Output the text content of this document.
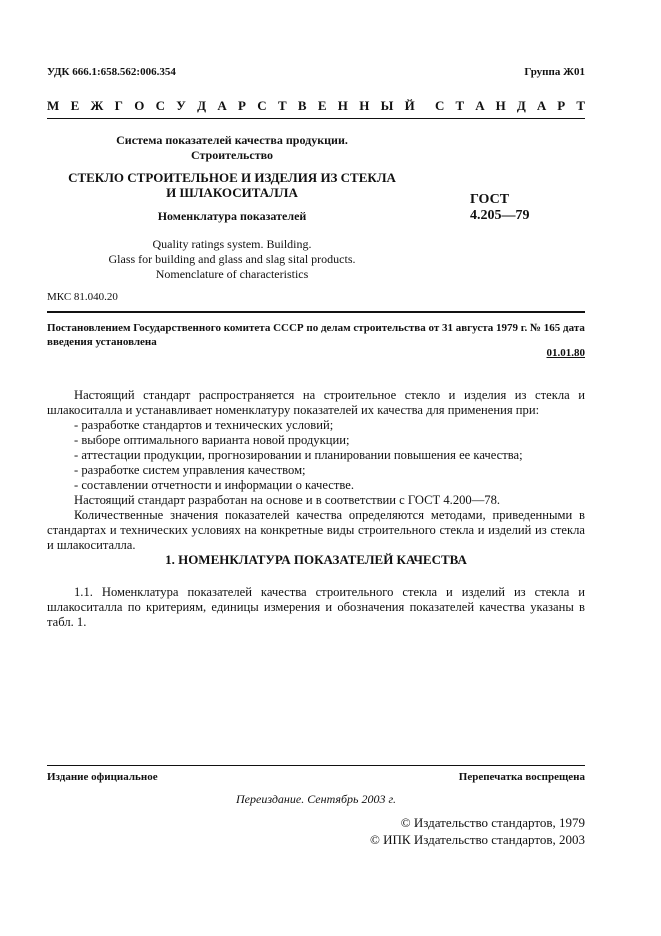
УДК 666.1:658.562:006.354	Группа Ж01
М Е Ж Г О С У Д А Р С Т В Е Н Н Ы Й С Т А Н Д А Р Т
Система показателей качества продукции.
Строительство
СТЕКЛО СТРОИТЕЛЬНОЕ И ИЗДЕЛИЯ ИЗ СТЕКЛА
И ШЛАКОСИТАЛЛА
Номенклатура показателей
ГОСТ
4.205—79
Quality ratings system. Building.
Glass for building and glass and slag sital products.
Nomenclature of characteristics
МКС 81.040.20
Постановлением Государственного комитета СССР по делам строительства от 31 августа 1979 г. № 165 дата
введения установлена
01.01.80

Настоящий стандарт распространяется на строительное стекло и изделия из стекла и шлакоситалла и устанавливает номенклатуру показателей их качества для применения при:

- разработке стандартов и технических условий;
- выборе оптимального варианта новой продукции;
- аттестации продукции, прогнозировании и планировании повышения ее качества;
- разработке систем управления качеством;
- составлении отчетности и информации о качестве.

Настоящий стандарт разработан на основе и в соответствии с ГОСТ 4.200—78.

Количественные значения показателей качества определяются методами, приведенными в стандартах и технических условиях на конкретные виды строительного стекла и изделий из стекла и шлакоситалла.

1. НОМЕНКЛАТУРА ПОКАЗАТЕЛЕЙ КАЧЕСТВА

1.1. Номенклатура показателей качества строительного стекла и изделий из стекла и шлакоситалла по критериям, единицы измерения и обозначения показателей качества указаны в табл. 1.

Издание официальное	Перепечатка воспрещена
Переиздание. Сентябрь 2003 г.
© Издательство стандартов, 1979
© ИПК Издательство стандартов, 2003
